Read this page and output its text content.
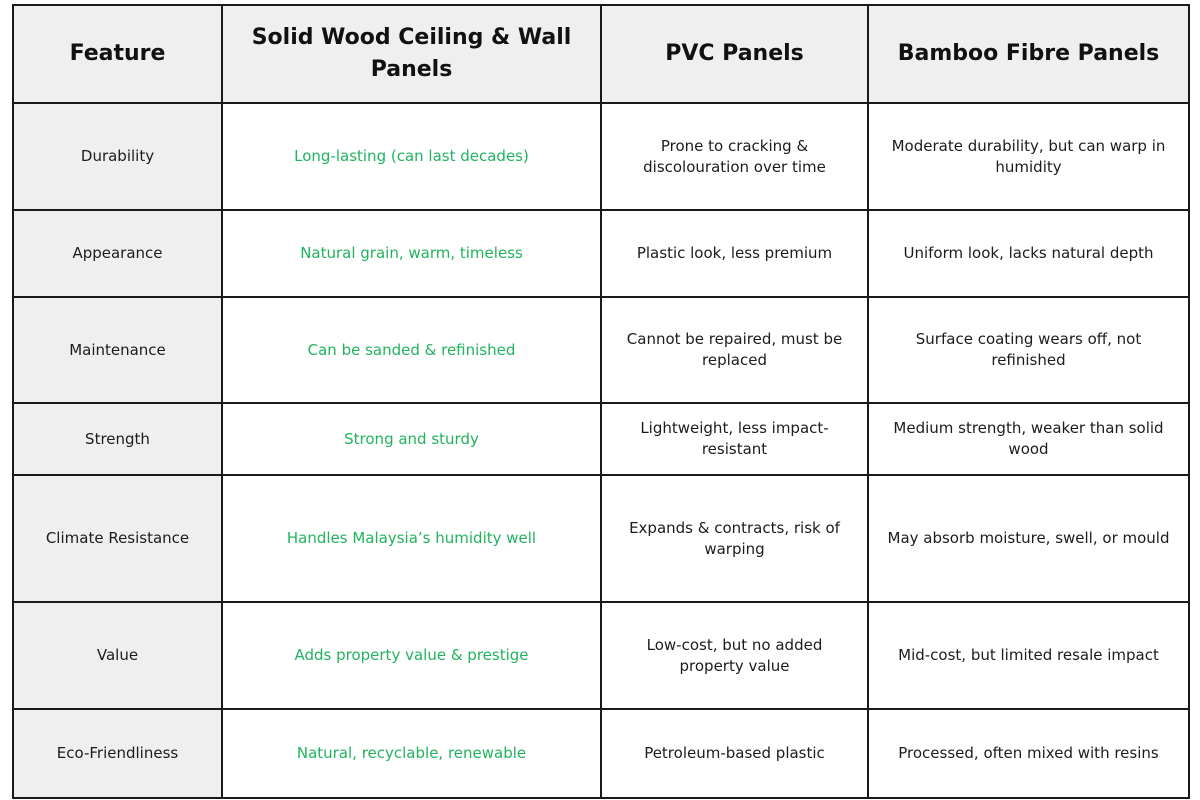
Feature	Solid Wood Ceiling & Wall Panels	PVC Panels	Bamboo Fibre Panels
Durability	Long-lasting (can last decades)	Prone to cracking & discolouration over time	Moderate durability, but can warp in humidity
Appearance	Natural grain, warm, timeless	Plastic look, less premium	Uniform look, lacks natural depth
Maintenance	Can be sanded & refinished	Cannot be repaired, must be replaced	Surface coating wears off, not refinished
Strength	Strong and sturdy	Lightweight, less impact-resistant	Medium strength, weaker than solid wood
Climate Resistance	Handles Malaysia’s humidity well	Expands & contracts, risk of warping	May absorb moisture, swell, or mould
Value	Adds property value & prestige	Low-cost, but no added property value	Mid-cost, but limited resale impact
Eco-Friendliness	Natural, recyclable, renewable	Petroleum-based plastic	Processed, often mixed with resins
